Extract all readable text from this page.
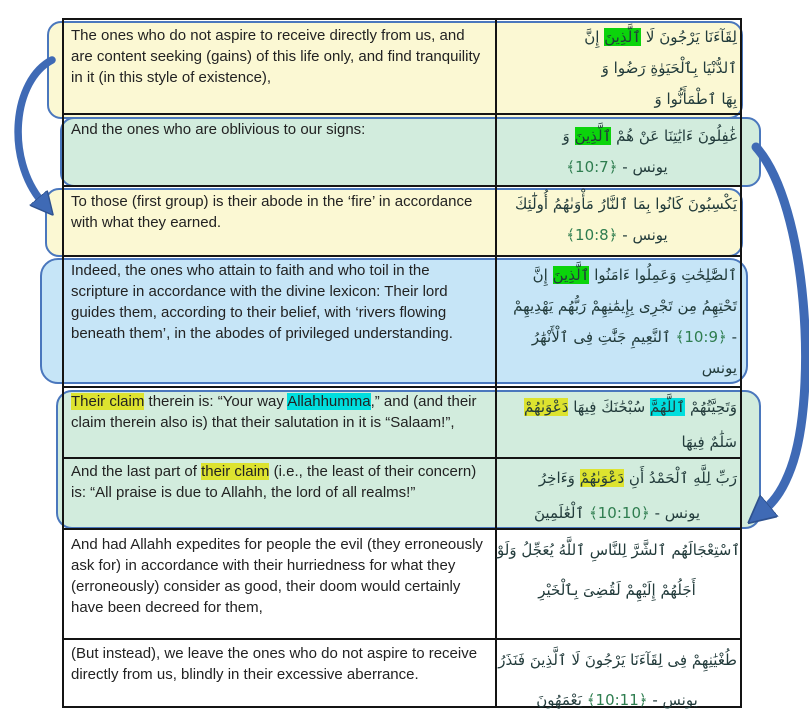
The ones who do not aspire to receive directly from us, and are content seeking (gains) of this life only, and find tranquility in it (in this style of existence),
إِنَّ ٱلَّذِينَ لَا يَرْجُونَ لِقَآءَنَا
وَ رَضُوا بِٱلْحَيَوٰةِ ٱلدُّنْيَا
وَ ٱطْمَأَنُّوا بِهَا
And the ones who are oblivious to our signs:	وَ ٱلَّذِينَ هُمْ عَنْ ءَايَٰتِنَا غَٰفِلُونَ
﴾10:7﴿ - يونس
To those (first group) is their abode in the ‘fire’ in accordance with what they earned.
أُولَٰٓئِكَ مَأْوَىٰهُمُ ٱلنَّارُ بِمَا كَانُوا يَكْسِبُونَ
﴾10:8﴿ - يونس
Indeed, the ones who attain to faith and who toil in the scripture in accordance with the divine lexicon: Their lord guides them, according to their belief, with ‘rivers flowing beneath them’, in the abodes of privileged understanding.
إِنَّ ٱلَّذِينَ ءَامَنُوا وَعَمِلُوا ٱلصَّٰلِحَٰتِ
يَهْدِيهِمْ رَبُّهُم بِإِيمَٰنِهِمْ تَجْرِى مِن تَحْتِهِمُ
ٱلْأَنْهَٰرُ فِى جَنَّٰتِ ٱلنَّعِيمِ ﴾10:9﴿ -
يونس
Their claim therein is: “Your way Allahhumma,” and (and their claim therein also is) that their salutation in it is “Salaam!”,
دَعْوَىٰهُمْ فِيهَا سُبْحَٰنَكَ ٱللَّهُمَّ وَتَحِيَّتُهُمْ
فِيهَا سَلَٰمٌ
And the last part of their claim (i.e., the least of their concern) is: “All praise is due to Allahh, the lord of all realms!”
وَءَاخِرُ دَعْوَىٰهُمْ أَنِ ٱلْحَمْدُ لِلَّهِ رَبِّ
ٱلْعَٰلَمِينَ ﴾10:10﴿ - يونس
And had Allahh expedites for people the evil (they erroneously ask for) in accordance with their hurriedness for what they (erroneously) consider as good, their doom would certainly have been decreed for them,
وَلَوْ يُعَجِّلُ ٱللَّهُ لِلنَّاسِ ٱلشَّرَّ ٱسْتِعْجَالَهُم
بِٱلْخَيْرِ لَقُضِىَ إِلَيْهِمْ أَجَلُهُمْ
(But instead), we leave the ones who do not aspire to receive directly from us, blindly in their excessive aberrance.
فَنَذَرُ ٱلَّذِينَ لَا يَرْجُونَ لِقَآءَنَا فِى طُغْيَٰنِهِمْ
يَعْمَهُونَ ﴾10:11﴿ - يونس
